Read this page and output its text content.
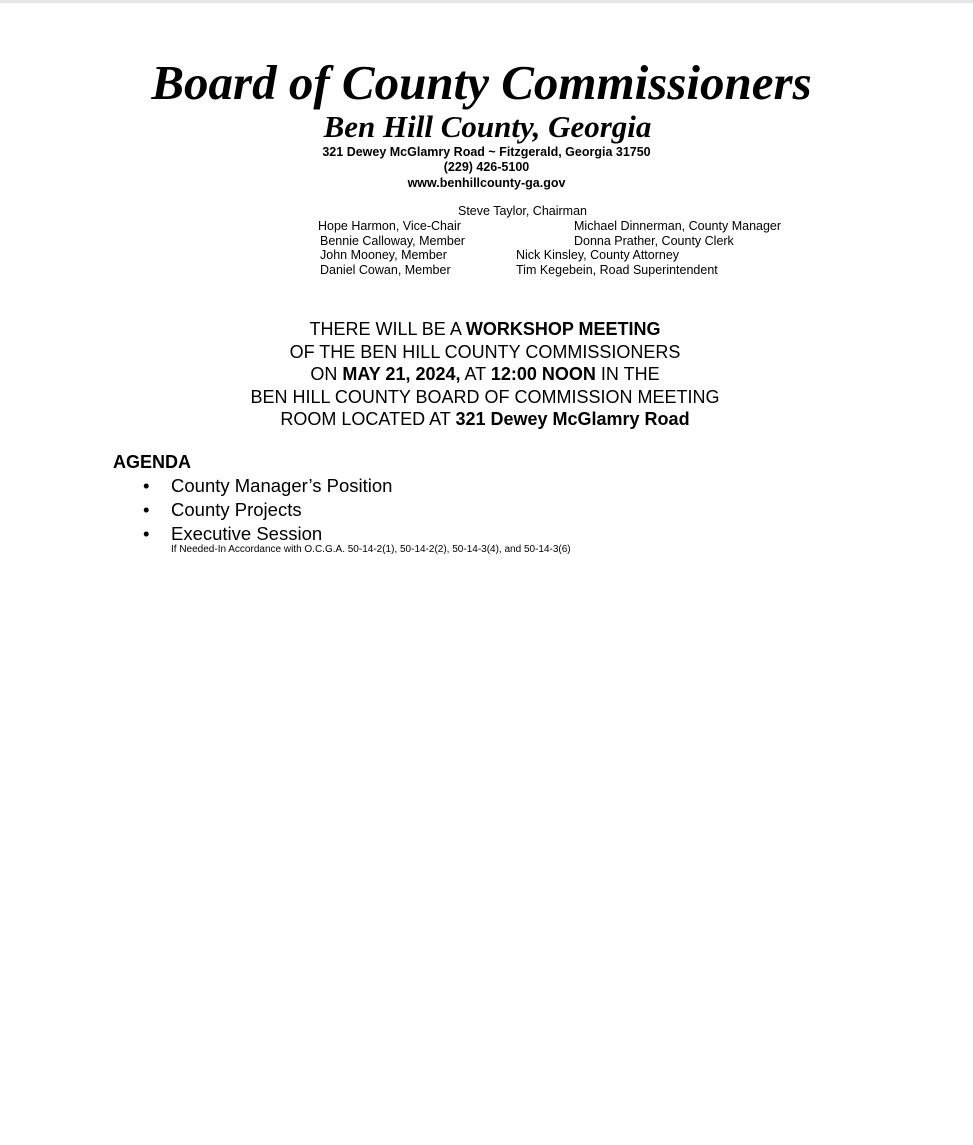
Board of County Commissioners
Ben Hill County, Georgia
321 Dewey McGlamry Road ~ Fitzgerald, Georgia 31750
(229) 426-5100
www.benhillcounty-ga.gov
Steve Taylor, Chairman
Hope Harmon, Vice-Chair	Michael Dinnerman, County Manager
Bennie Calloway, Member	Donna Prather, County Clerk
John Mooney, Member	Nick Kinsley, County Attorney
Daniel Cowan, Member	Tim Kegebein, Road Superintendent
THERE WILL BE A WORKSHOP MEETING
OF THE BEN HILL COUNTY COMMISSIONERS
ON MAY 21, 2024, AT 12:00 NOON IN THE
BEN HILL COUNTY BOARD OF COMMISSION MEETING
ROOM LOCATED AT 321 Dewey McGlamry Road
AGENDA
• County Manager’s Position
• County Projects
• Executive Session
If Needed-In Accordance with O.C.G.A. 50-14-2(1), 50-14-2(2), 50-14-3(4), and 50-14-3(6)
